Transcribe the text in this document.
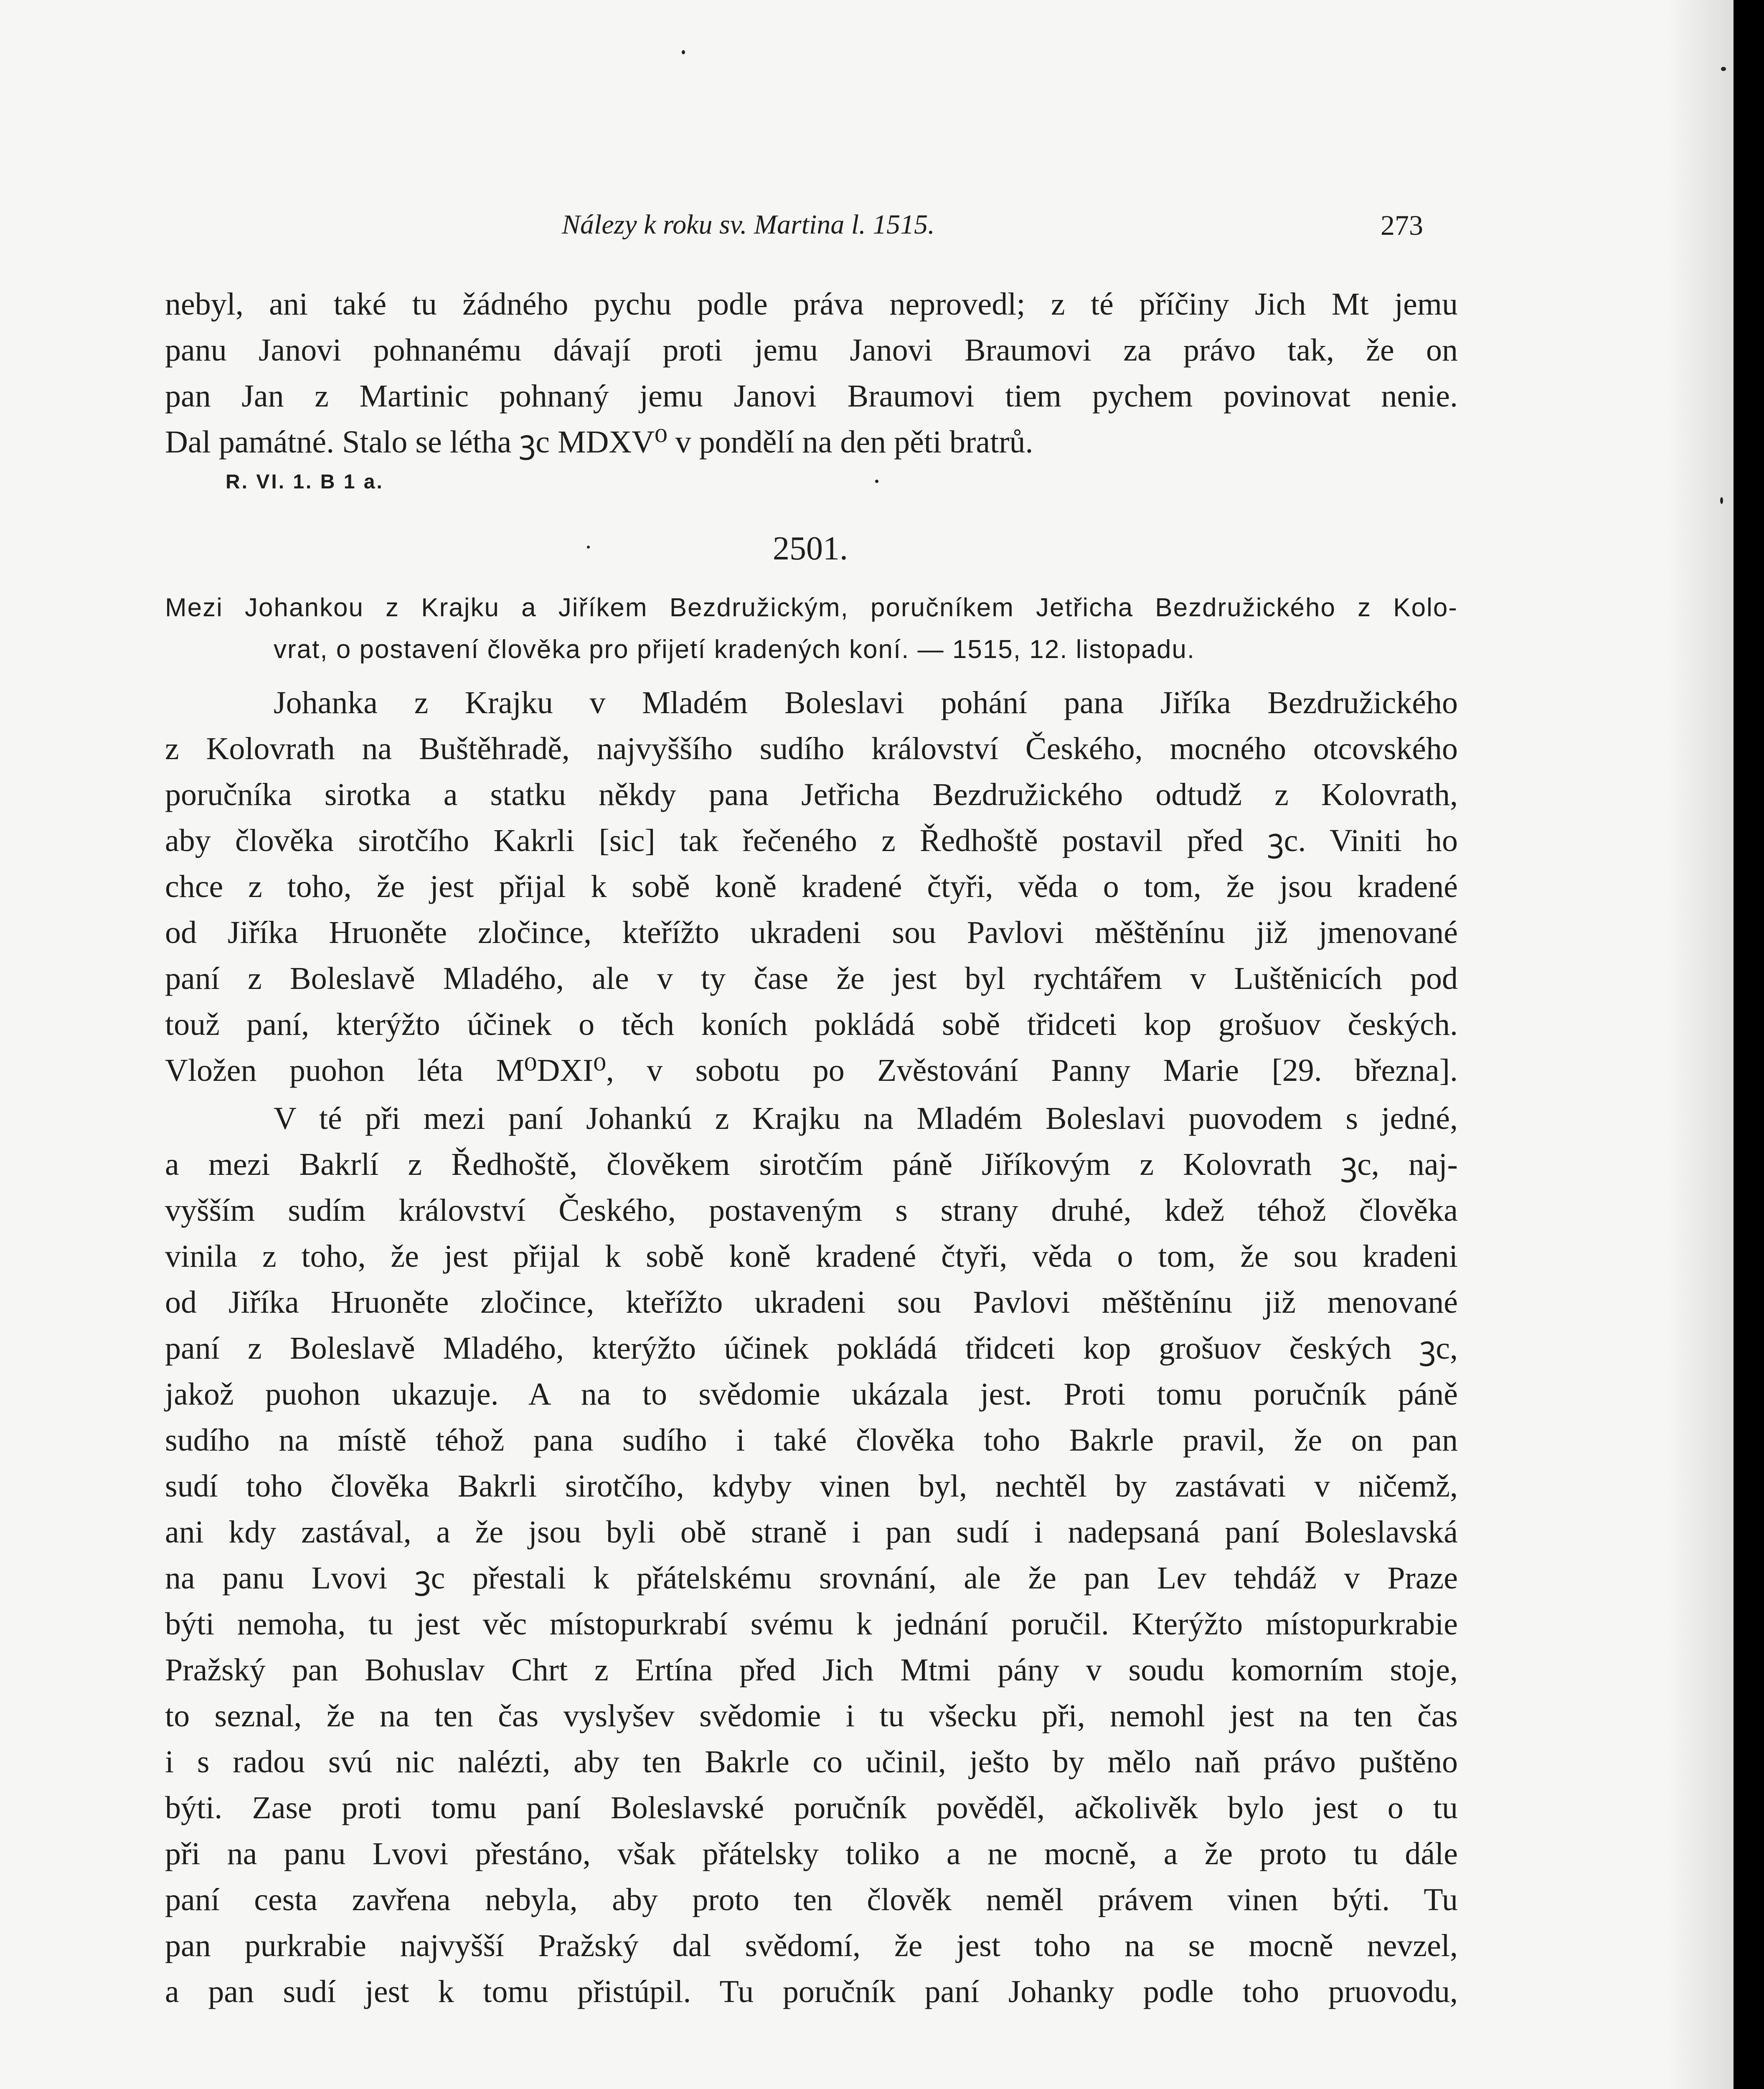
Nálezy k roku sv. Martina l. 1515.	273
nebyl, ani také tu žádného pychu podle práva neprovedl; z té příčiny Jich Mt jemu
panu Janovi pohnanému dávají proti jemu Janovi Braumovi za právo tak, že on
pan Jan z Martinic pohnaný jemu Janovi Braumovi tiem pychem povinovat nenie.
Dal památné. Stalo se létha ꝫc MDXV⁰ v pondělí na den pěti bratrů.
R. VI. 1. B 1 a.
2501.
Mezi Johankou z Krajku a Jiříkem Bezdružickým, poručníkem Jetřicha Bezdružického z Kolo-
vrat, o postavení člověka pro přijetí kradených koní. — 1515, 12. listopadu.
Johanka z Krajku v Mladém Boleslavi pohání pana Jiříka Bezdružického
z Kolovrath na Buštěhradě, najvyššího sudího království Českého, mocného otcovského
poručníka sirotka a statku někdy pana Jetřicha Bezdružického odtudž z Kolovrath,
aby člověka sirotčího Kakrli [sic] tak řečeného z Ředhoště postavil před ꝫc. Viniti ho
chce z toho, že jest přijal k sobě koně kradené čtyři, věda o tom, že jsou kradené
od Jiříka Hruoněte zločince, kteřížto ukradeni sou Pavlovi měštěnínu již jmenované
paní z Boleslavě Mladého, ale v ty čase že jest byl rychtářem v Luštěnicích pod
touž paní, kterýžto účinek o těch koních pokládá sobě třidceti kop grošuov českých.
Vložen puohon léta M⁰DXI⁰, v sobotu po Zvěstování Panny Marie [29. března].
V té při mezi paní Johankú z Krajku na Mladém Boleslavi puovodem s jedné,
a mezi Bakrlí z Ředhoště, člověkem sirotčím páně Jiříkovým z Kolovrath ꝫc, naj-
vyšším sudím království Českého, postaveným s strany druhé, kdež téhož člověka
vinila z toho, že jest přijal k sobě koně kradené čtyři, věda o tom, že sou kradeni
od Jiříka Hruoněte zločince, kteřížto ukradeni sou Pavlovi měštěnínu již menované
paní z Boleslavě Mladého, kterýžto účinek pokládá třidceti kop grošuov českých ꝫc,
jakož puohon ukazuje. A na to svědomie ukázala jest. Proti tomu poručník páně
sudího na místě téhož pana sudího i také člověka toho Bakrle pravil, že on pan
sudí toho člověka Bakrli sirotčího, kdyby vinen byl, nechtěl by zastávati v ničemž,
ani kdy zastával, a že jsou byli obě straně i pan sudí i nadepsaná paní Boleslavská
na panu Lvovi ꝫc přestali k přátelskému srovnání, ale že pan Lev tehdáž v Praze
býti nemoha, tu jest věc místopurkrabí svému k jednání poručil. Kterýžto místopurkrabie
Pražský pan Bohuslav Chrt z Ertína před Jich Mtmi pány v soudu komorním stoje,
to seznal, že na ten čas vyslyšev svědomie i tu všecku při, nemohl jest na ten čas
i s radou svú nic nalézti, aby ten Bakrle co učinil, ješto by mělo naň právo puštěno
býti. Zase proti tomu paní Boleslavské poručník pověděl, ačkolivěk bylo jest o tu
při na panu Lvovi přestáno, však přátelsky toliko a ne mocně, a že proto tu dále
paní cesta zavřena nebyla, aby proto ten člověk neměl právem vinen býti. Tu
pan purkrabie najvyšší Pražský dal svědomí, že jest toho na se mocně nevzel,
a pan sudí jest k tomu přistúpil. Tu poručník paní Johanky podle toho pruovodu,
